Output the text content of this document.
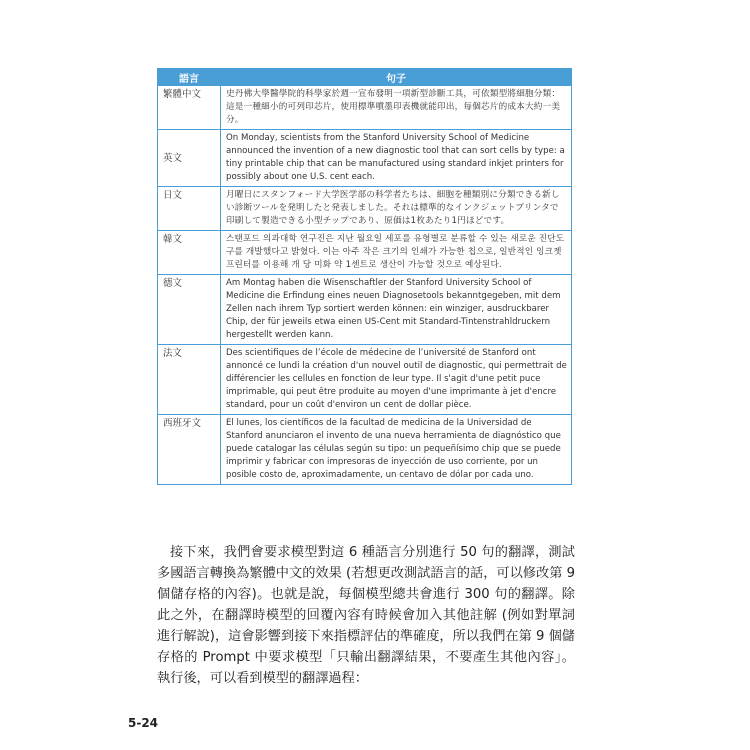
語言	句子
繁體中文	史丹佛大學醫學院的科學家於週一宣布發明一項新型診斷工具，可依類型將細胞分類：這是一種細小的可列印芯片，使用標準噴墨印表機就能印出，每個芯片的成本大約一美分。
英文	On Monday, scientists from the Stanford University School of Medicine announced the invention of a new diagnostic tool that can sort cells by type: a tiny printable chip that can be manufactured using standard inkjet printers for possibly about one U.S. cent each.
日文	月曜日にスタンフォード大学医学部の科学者たちは、細胞を種類別に分類できる新しい診断ツールを発明したと発表しました。それは標準的なインクジェットプリンタで印刷して製造できる小型チップであり、原価は1枚あたり1円ほどです。
韓文	스탠포드 의과대학 연구진은 지난 월요일 세포를 유형별로 분류할 수 있는 새로운 진단도구를 개발했다고 밝혔다. 이는 아주 작은 크기의 인쇄가 가능한 칩으로, 일반적인 잉크젯 프린터를 이용해 개 당 미화 약 1센트로 생산이 가능할 것으로 예상된다.
德文	Am Montag haben die Wisenschaftler der Stanford University School of Medicine die Erfindung eines neuen Diagnosetools bekanntgegeben, mit dem Zellen nach ihrem Typ sortiert werden können: ein winziger, ausdruckbarer Chip, der für jeweils etwa einen US-Cent mit Standard-Tintenstrahldruckern hergestellt werden kann.
法文	Des scientifiques de l’école de médecine de l’université de Stanford ont annoncé ce lundi la création d'un nouvel outil de diagnostic, qui permettrait de différencier les cellules en fonction de leur type. Il s'agit d'une petit puce imprimable, qui peut être produite au moyen d'une imprimante à jet d'encre standard, pour un coût d'environ un cent de dollar pièce.
西班牙文	El lunes, los científicos de la facultad de medicina de la Universidad de Stanford anunciaron el invento de una nueva herramienta de diagnóstico que puede catalogar las células según su tipo: un pequeñísimo chip que se puede imprimir y fabricar con impresoras de inyección de uso corriente, por un posible costo de, aproximadamente, un centavo de dólar por cada uno.

接下來，我們會要求模型對這 6 種語言分別進行 50 句的翻譯，測試多國語言轉換為繁體中文的效果 (若想更改測試語言的話，可以修改第 9 個儲存格的內容)。也就是說，每個模型總共會進行 300 句的翻譯。除此之外，在翻譯時模型的回覆內容有時候會加入其他註解 (例如對單詞進行解說)，這會影響到接下來指標評估的準確度，所以我們在第 9 個儲存格的 Prompt 中要求模型「只輸出翻譯結果，不要產生其他內容」。執行後，可以看到模型的翻譯過程：

5-24
